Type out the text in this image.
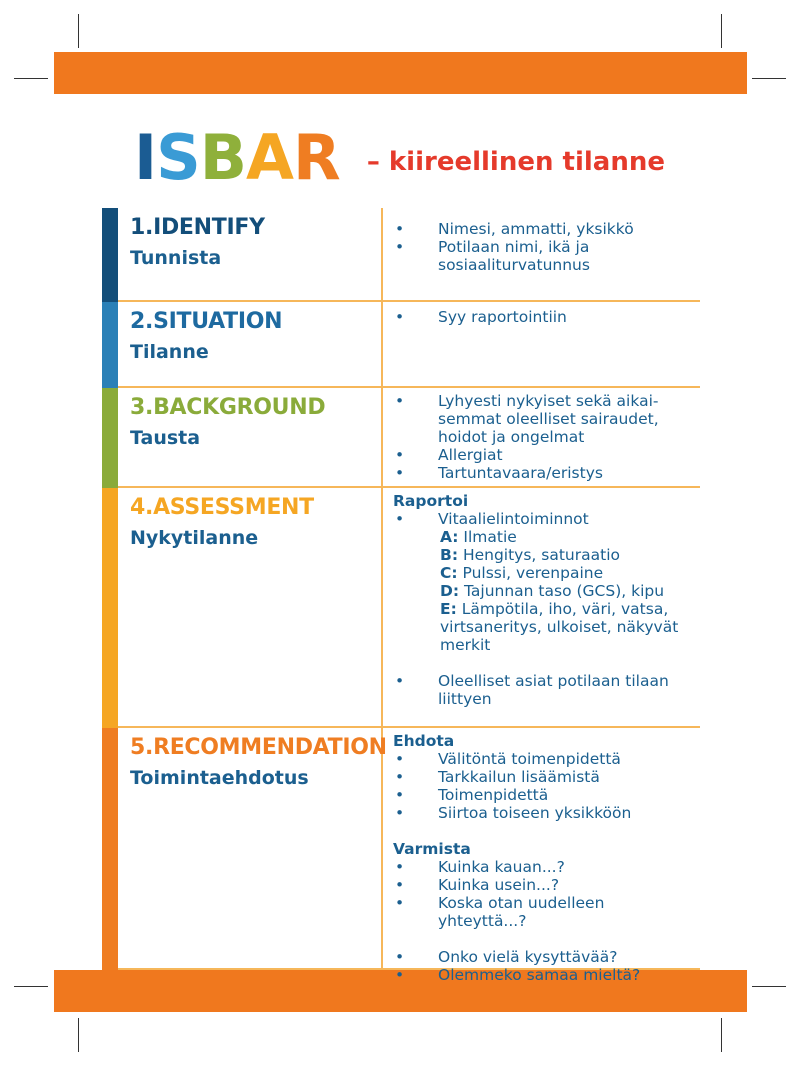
ISBAR – kiireellinen tilanne
1.IDENTIFY
Tunnista
• Nimesi, ammatti, yksikkö
• Potilaan nimi, ikä ja sosiaaliturvatunnus
2.SITUATION
Tilanne
• Syy raportointiin
3.BACKGROUND
Tausta
• Lyhyesti nykyiset sekä aikai-semmat oleelliset sairaudet, hoidot ja ongelmat
• Allergiat
• Tartuntavaara/eristys
4.ASSESSMENT
Nykytilanne
Raportoi
• Vitaalielintoiminnot
A: Ilmatie
B: Hengitys, saturaatio
C: Pulssi, verenpaine
D: Tajunnan taso (GCS), kipu
E: Lämpötila, iho, väri, vatsa, virtsaneritys, ulkoiset, näkyvät merkit
• Oleelliset asiat potilaan tilaan liittyen
5.RECOMMENDATION
Toimintaehdotus
Ehdota
• Välitöntä toimenpidettä
• Tarkkailun lisäämistä
• Toimenpidettä
• Siirtoa toiseen yksikköön
Varmista
• Kuinka kauan...?
• Kuinka usein...?
• Koska otan uudelleen yhteyttä...?
• Onko vielä kysyttävää?
• Olemmeko samaa mieltä?
